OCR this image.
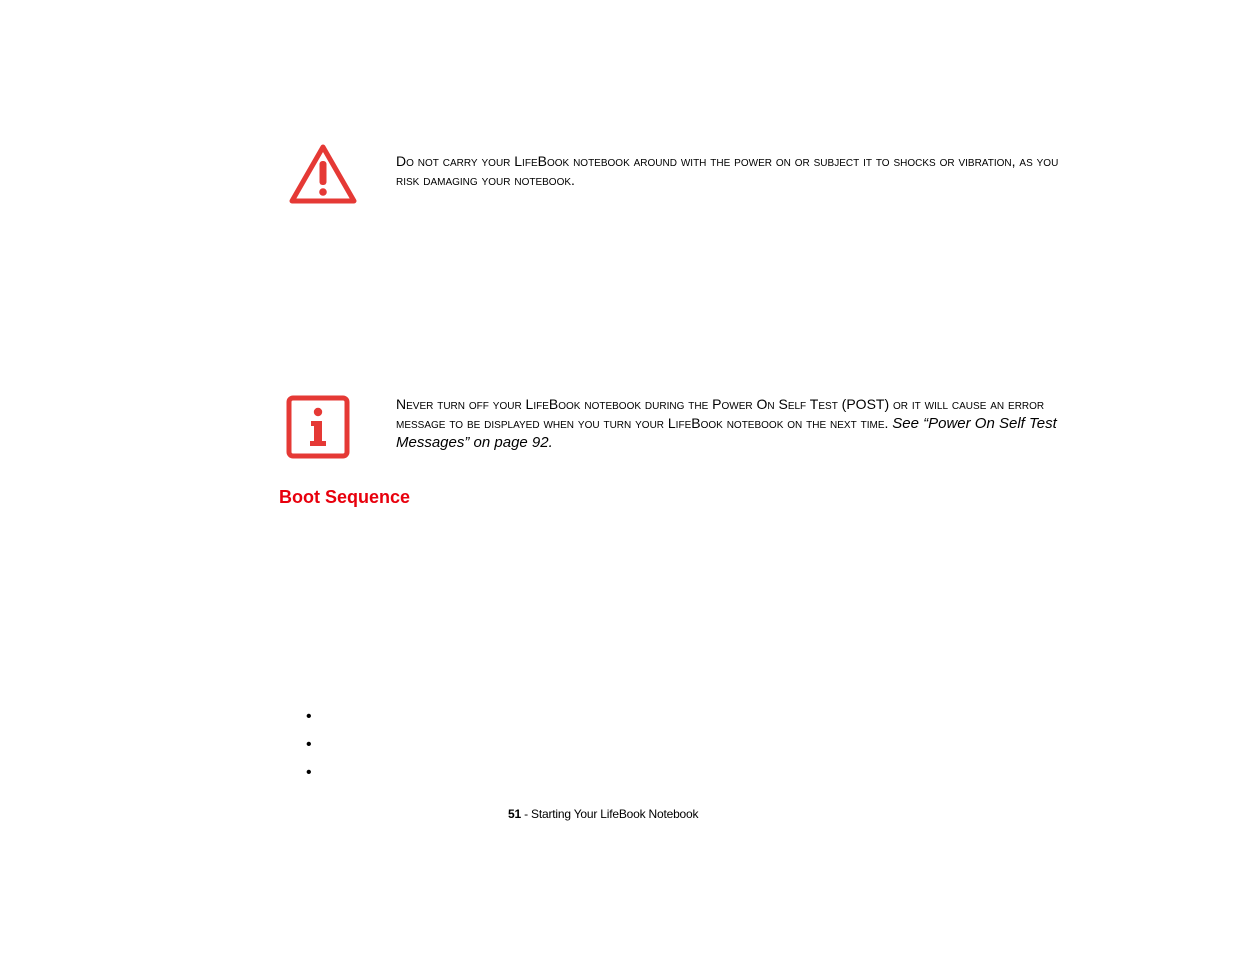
Do not carry your LifeBook notebook around with the power on or subject it to shocks or vibration, as you risk damaging your notebook.
Never turn off your LifeBook notebook during the Power On Self Test (POST) or it will cause an error message to be displayed when you turn your LifeBook notebook on the next time. See “Power On Self Test Messages” on page 92.
Boot Sequence
51 - Starting Your LifeBook Notebook
